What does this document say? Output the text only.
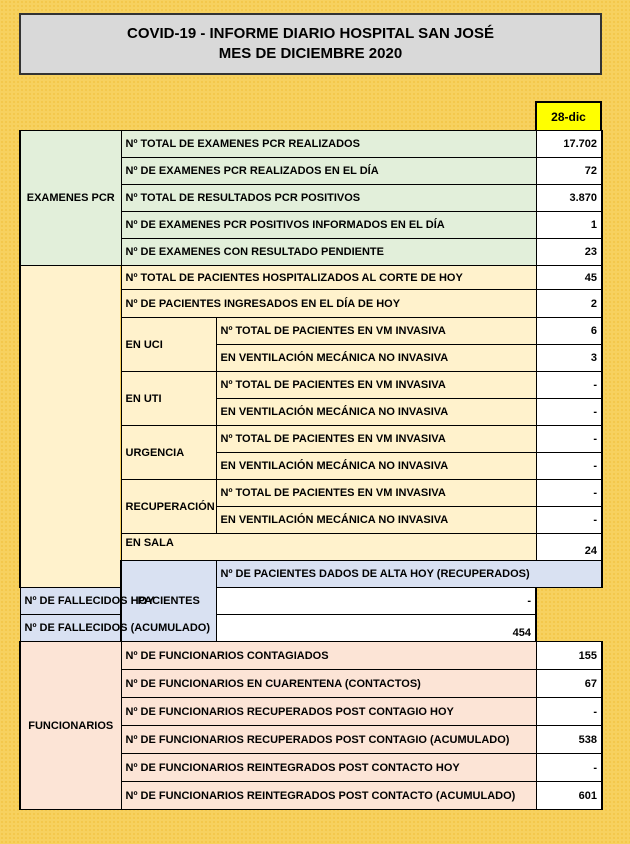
COVID-19 - INFORME DIARIO HOSPITAL SAN JOSÉ
MES DE DICIEMBRE 2020
28-dic
EXAMENES PCR	Nº TOTAL DE EXAMENES PCR REALIZADOS		17.702	
	Nº DE EXAMENES PCR REALIZADOS EN EL DÍA		72	
	Nº TOTAL DE RESULTADOS PCR POSITIVOS		3.870	
	Nº DE EXAMENES PCR POSITIVOS INFORMADOS EN EL DÍA		1	
	Nº DE EXAMENES CON RESULTADO PENDIENTE		23	
	Nº TOTAL DE PACIENTES HOSPITALIZADOS AL CORTE DE HOY		45	
	Nº DE PACIENTES INGRESADOS EN EL DÍA DE HOY		2	
	EN UCI	Nº TOTAL DE PACIENTES EN VM INVASIVA	6	
		EN VENTILACIÓN MECÁNICA NO INVASIVA	3	
	EN UTI	Nº TOTAL DE PACIENTES EN VM INVASIVA	-	
		EN VENTILACIÓN MECÁNICA NO INVASIVA	-	
	URGENCIA	Nº TOTAL DE PACIENTES EN VM INVASIVA	-	
		EN VENTILACIÓN MECÁNICA NO INVASIVA	-	
	RECUPERACIÓN	Nº TOTAL DE PACIENTES EN VM INVASIVA	-	
		EN VENTILACIÓN MECÁNICA NO INVASIVA	-	
	EN SALA		24	
	PACIENTES	Nº DE PACIENTES DADOS DE ALTA HOY (RECUPERADOS)	
Nº DE FALLECIDOS HOY		-		
Nº DE FALLECIDOS (ACUMULADO)		454		
FUNCIONARIOS	Nº DE FUNCIONARIOS CONTAGIADOS		155	
	Nº DE FUNCIONARIOS EN CUARENTENA (CONTACTOS)		67	
	Nº DE FUNCIONARIOS RECUPERADOS POST CONTAGIO HOY		-	
	Nº DE FUNCIONARIOS RECUPERADOS POST CONTAGIO (ACUMULADO)		538	
	Nº DE FUNCIONARIOS REINTEGRADOS POST CONTACTO HOY		-	
	Nº DE FUNCIONARIOS REINTEGRADOS POST CONTACTO (ACUMULADO)		601	
